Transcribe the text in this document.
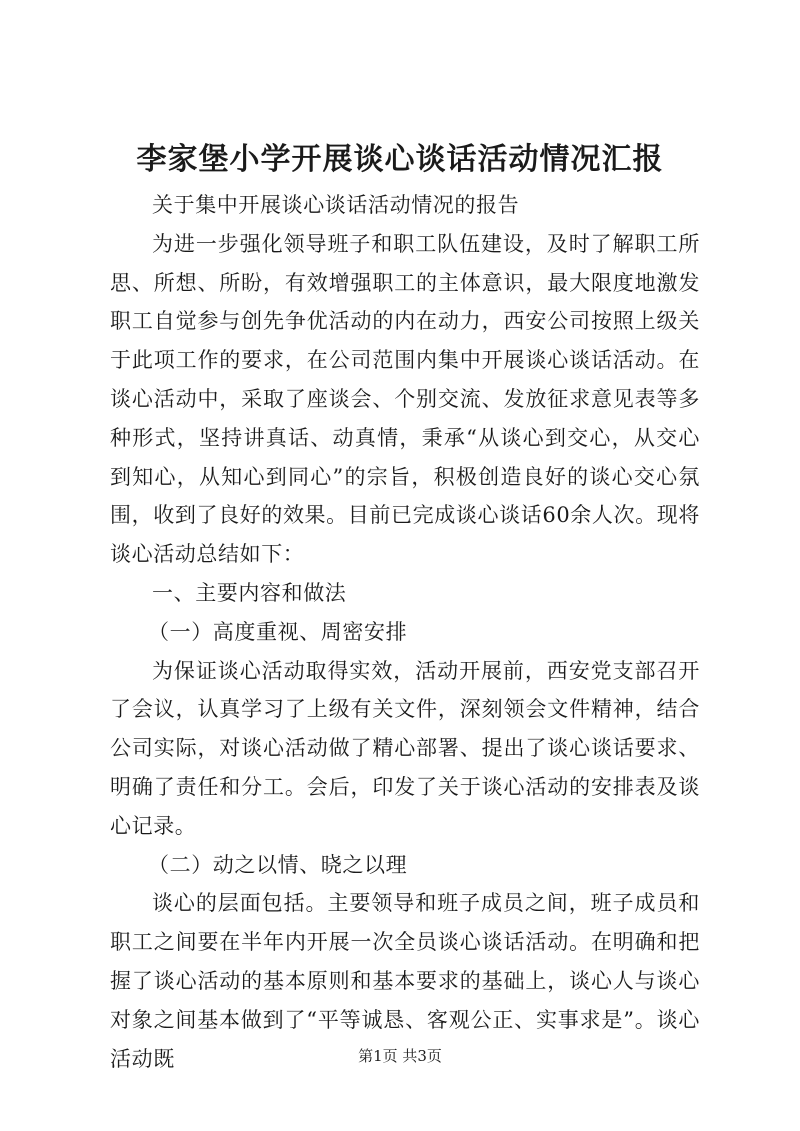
李家堡小学开展谈心谈话活动情况汇报

关于集中开展谈心谈话活动情况的报告

为进一步强化领导班子和职工队伍建设，及时了解职工所思、所想、所盼，有效增强职工的主体意识，最大限度地激发职工自觉参与创先争优活动的内在动力，西安公司按照上级关于此项工作的要求，在公司范围内集中开展谈心谈话活动。在谈心活动中，采取了座谈会、个别交流、发放征求意见表等多种形式，坚持讲真话、动真情，秉承“从谈心到交心，从交心到知心，从知心到同心”的宗旨，积极创造良好的谈心交心氛围，收到了良好的效果。目前已完成谈心谈话60余人次。现将谈心活动总结如下：

一、主要内容和做法

（一）高度重视、周密安排

为保证谈心活动取得实效，活动开展前，西安党支部召开了会议，认真学习了上级有关文件，深刻领会文件精神，结合公司实际，对谈心活动做了精心部署、提出了谈心谈话要求、明确了责任和分工。会后，印发了关于谈心活动的安排表及谈心记录。

（二）动之以情、晓之以理

谈心的层面包括。主要领导和班子成员之间，班子成员和职工之间要在半年内开展一次全员谈心谈话活动。在明确和把握了谈心活动的基本原则和基本要求的基础上，谈心人与谈心对象之间基本做到了“平等诚恳、客观公正、实事求是”。谈心活动既	第1页 共3页
